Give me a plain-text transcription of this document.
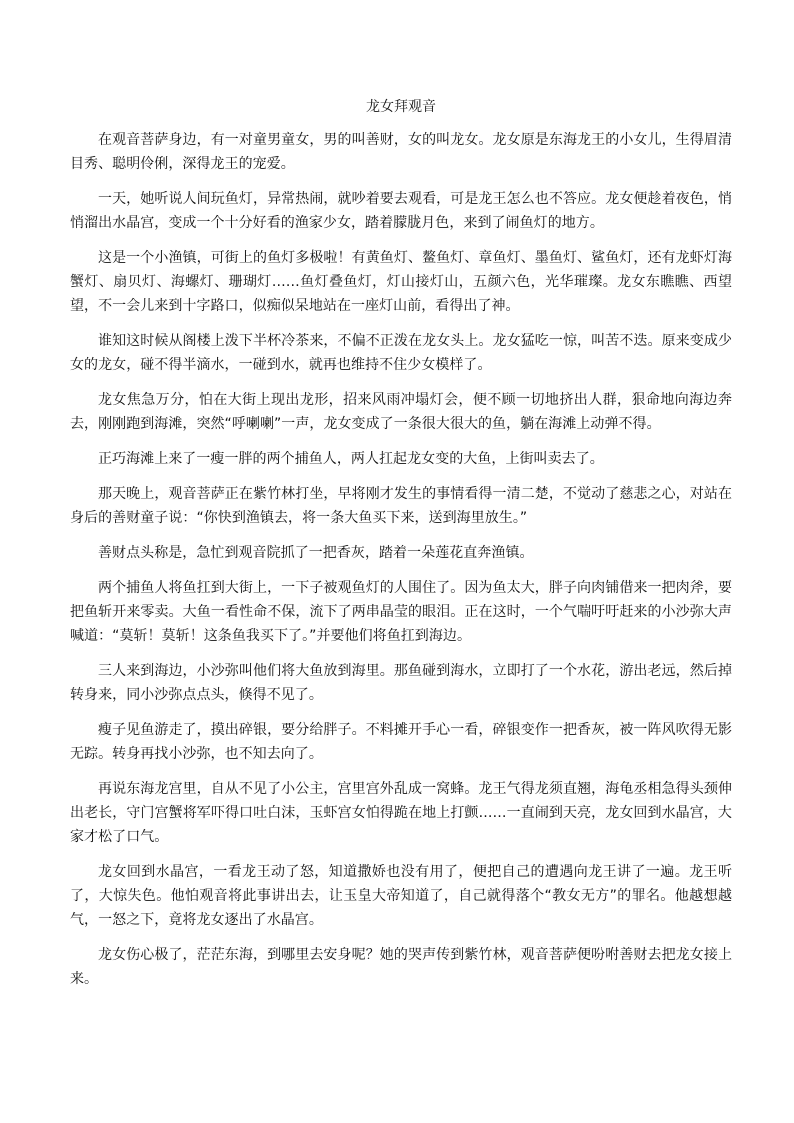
龙女拜观音

在观音菩萨身边，有一对童男童女，男的叫善财，女的叫龙女。龙女原是东海龙王的小女儿，生得眉清目秀、聪明伶俐，深得龙王的宠爱。

一天，她听说人间玩鱼灯，异常热闹，就吵着要去观看，可是龙王怎么也不答应。龙女便趁着夜色，悄悄溜出水晶宫，变成一个十分好看的渔家少女，踏着朦胧月色，来到了闹鱼灯的地方。

这是一个小渔镇，可街上的鱼灯多极啦！有黄鱼灯、鳌鱼灯、章鱼灯、墨鱼灯、鲨鱼灯，还有龙虾灯海蟹灯、扇贝灯、海螺灯、珊瑚灯……鱼灯叠鱼灯，灯山接灯山，五颜六色，光华璀璨。龙女东瞧瞧、西望望，不一会儿来到十字路口，似痴似呆地站在一座灯山前，看得出了神。

谁知这时候从阁楼上泼下半杯冷茶来，不偏不正泼在龙女头上。龙女猛吃一惊，叫苦不迭。原来变成少女的龙女，碰不得半滴水，一碰到水，就再也维持不住少女模样了。

龙女焦急万分，怕在大街上现出龙形，招来风雨冲塌灯会，便不顾一切地挤出人群，狠命地向海边奔去，刚刚跑到海滩，突然“呼喇喇”一声，龙女变成了一条很大很大的鱼，躺在海滩上动弹不得。

正巧海滩上来了一瘦一胖的两个捕鱼人，两人扛起龙女变的大鱼，上街叫卖去了。

那天晚上，观音菩萨正在紫竹林打坐，早将刚才发生的事情看得一清二楚，不觉动了慈悲之心，对站在身后的善财童子说：“你快到渔镇去，将一条大鱼买下来，送到海里放生。”

善财点头称是，急忙到观音院抓了一把香灰，踏着一朵莲花直奔渔镇。

两个捕鱼人将鱼扛到大街上，一下子被观鱼灯的人围住了。因为鱼太大，胖子向肉铺借来一把肉斧，要把鱼斩开来零卖。大鱼一看性命不保，流下了两串晶莹的眼泪。正在这时，一个气喘吁吁赶来的小沙弥大声喊道：“莫斩！莫斩！这条鱼我买下了。”并要他们将鱼扛到海边。

三人来到海边，小沙弥叫他们将大鱼放到海里。那鱼碰到海水，立即打了一个水花，游出老远，然后掉转身来，同小沙弥点点头，倏得不见了。

瘦子见鱼游走了，摸出碎银，要分给胖子。不料摊开手心一看，碎银变作一把香灰，被一阵风吹得无影无踪。转身再找小沙弥，也不知去向了。

再说东海龙宫里，自从不见了小公主，宫里宫外乱成一窝蜂。龙王气得龙须直翘，海龟丞相急得头颈伸出老长，守门宫蟹将军吓得口吐白沫，玉虾宫女怕得跪在地上打颤……一直闹到天亮，龙女回到水晶宫，大家才松了口气。

龙女回到水晶宫，一看龙王动了怒，知道撒娇也没有用了，便把自己的遭遇向龙王讲了一遍。龙王听了，大惊失色。他怕观音将此事讲出去，让玉皇大帝知道了，自己就得落个“教女无方”的罪名。他越想越气，一怒之下，竟将龙女逐出了水晶宫。

龙女伤心极了，茫茫东海，到哪里去安身呢？她的哭声传到紫竹林，观音菩萨便吩咐善财去把龙女接上来。
